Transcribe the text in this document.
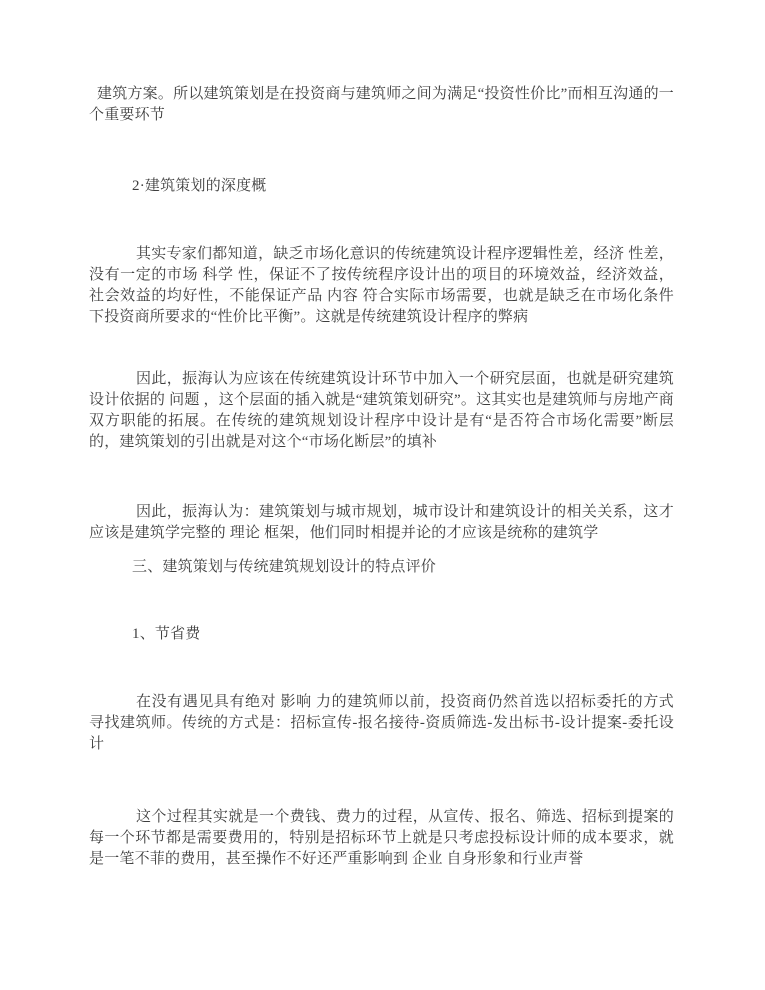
建筑方案。所以建筑策划是在投资商与建筑师之间为满足“投资性价比”而相互沟通的一个重要环节

2·建筑策划的深度概

其实专家们都知道，缺乏市场化意识的传统建筑设计程序逻辑性差，经济 性差，没有一定的市场 科学 性，保证不了按传统程序设计出的项目的环境效益，经济效益， 社会效益的均好性，不能保证产品 内容 符合实际市场需要，也就是缺乏在市场化条件下投资商所要求的“性价比平衡”。这就是传统建筑设计程序的弊病

因此，振海认为应该在传统建筑设计环节中加入一个研究层面，也就是研究建筑设计依据的 问题 ，这个层面的插入就是“建筑策划研究”。这其实也是建筑师与房地产商双方职能的拓展。在传统的建筑规划设计程序中设计是有“是否符合市场化需要”断层的，建筑策划的引出就是对这个“市场化断层”的填补

因此，振海认为：建筑策划与城市规划，城市设计和建筑设计的相关关系，这才应该是建筑学完整的 理论 框架，他们同时相提并论的才应该是统称的建筑学

三、建筑策划与传统建筑规划设计的特点评价

1、节省费

在没有遇见具有绝对 影响 力的建筑师以前，投资商仍然首选以招标委托的方式寻找建筑师。传统的方式是：招标宣传-报名接待-资质筛选-发出标书-设计提案-委托设计

这个过程其实就是一个费钱、费力的过程，从宣传、报名、筛选、招标到提案的每一个环节都是需要费用的，特别是招标环节上就是只考虑投标设计师的成本要求，就是一笔不菲的费用，甚至操作不好还严重影响到 企业 自身形象和行业声誉
